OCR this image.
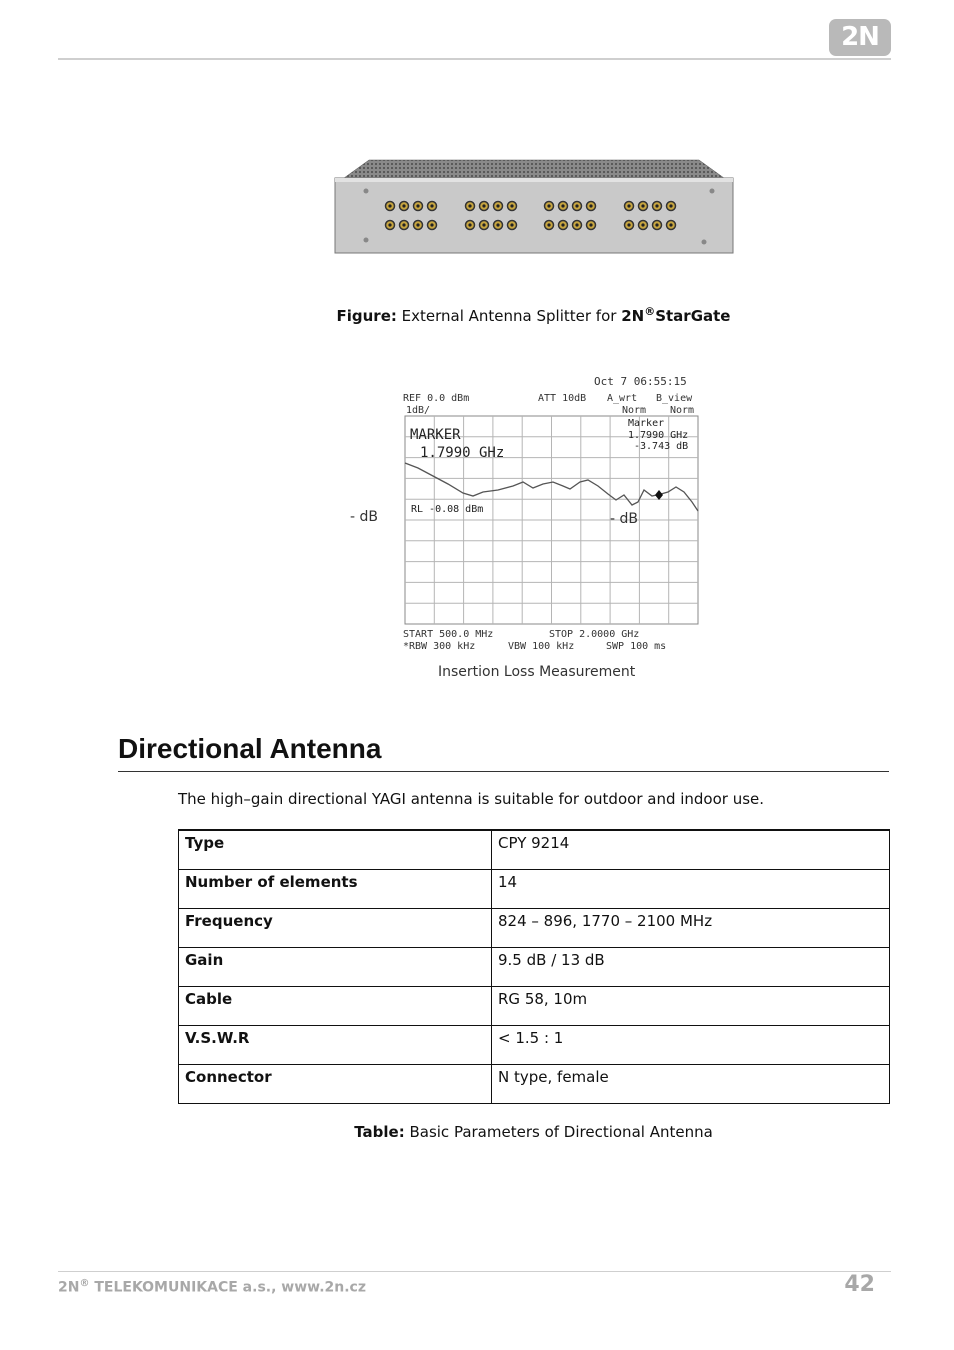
2N
Figure: External Antenna Splitter for 2N®StarGate
Oct 7 06:55:15
REF 0.0 dBm	ATT 10dB A_wrt B_view
1dB/	Norm Norm
MARKER
1.7990 GHz
Marker
1.7990 GHz
-3.743 dB
RL -0.08 dBm
- dB	- dB
START 500.0 MHz	STOP 2.0000 GHz
*RBW 300 kHz	VBW 100 kHz	SWP 100 ms
Insertion Loss Measurement
Directional Antenna
The high–gain directional YAGI antenna is suitable for outdoor and indoor use.
Type	CPY 9214
Number of elements	14
Frequency	824 – 896, 1770 – 2100 MHz
Gain	9.5 dB / 13 dB
Cable	RG 58, 10m
V.S.W.R	< 1.5 : 1
Connector	N type, female
Table: Basic Parameters of Directional Antenna
2N® TELEKOMUNIKACE a.s., www.2n.cz	42
